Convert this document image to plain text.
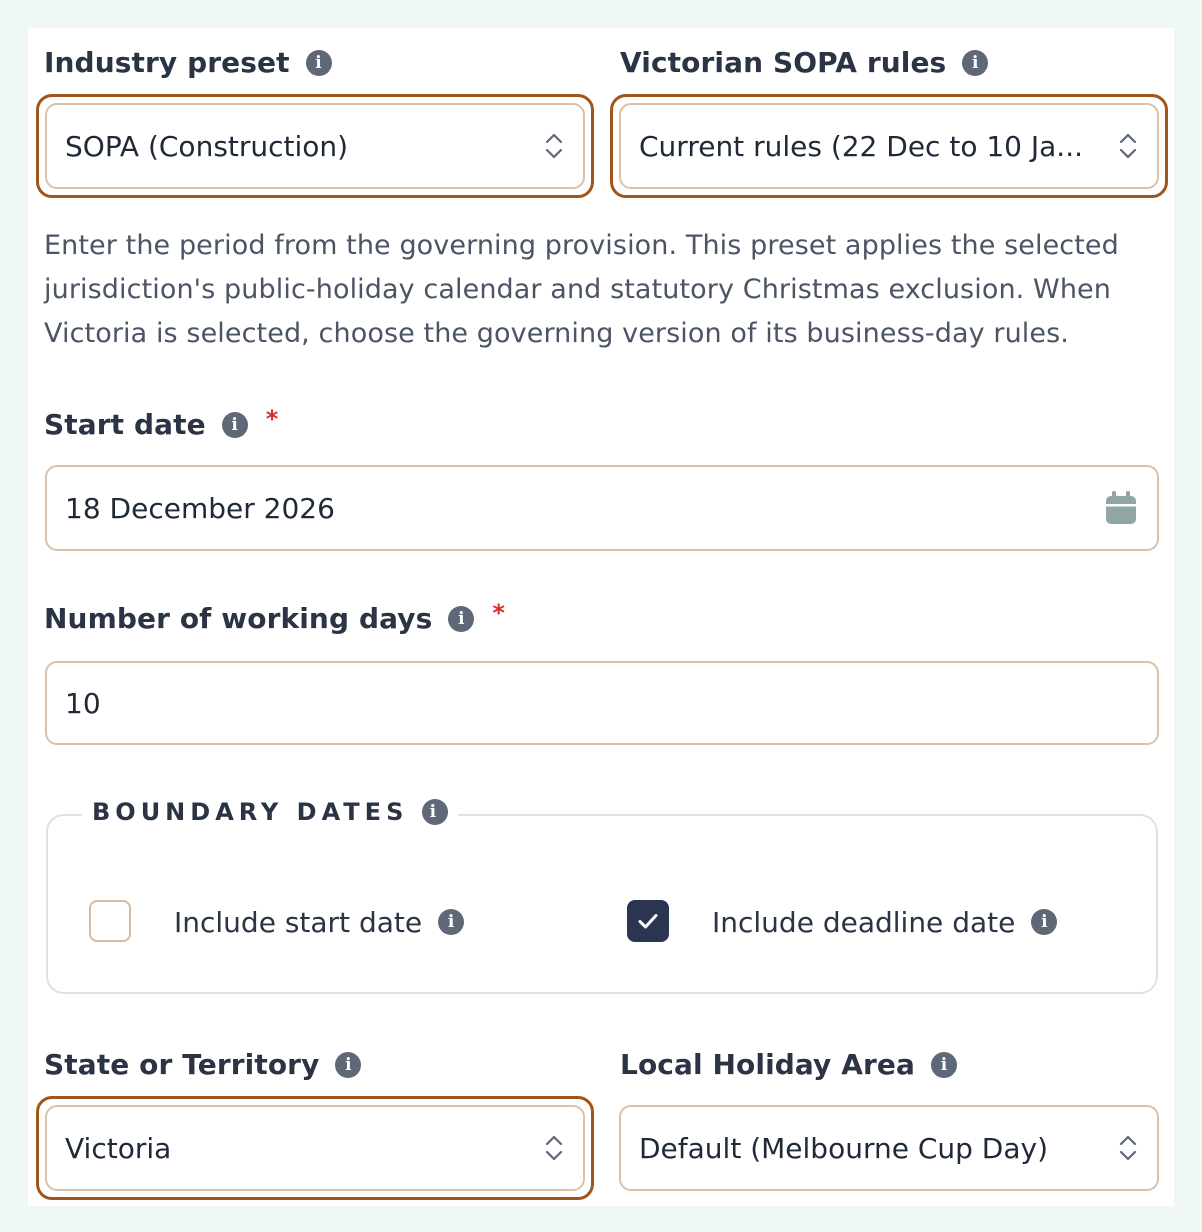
Industry preset	i
SOPA (Construction)
Victorian SOPA rules	i
Current rules (22 Dec to 10 Ja...
Enter the period from the governing provision. This preset applies the selected jurisdiction's public-holiday calendar and statutory Christmas exclusion. When Victoria is selected, choose the governing version of its business-day rules.
Start date	i	*
18 December 2026
Number of working days	i	*
10
BOUNDARY DATES	i
Include start date	i	Include deadline date	i
State or Territory	i
Victoria
Local Holiday Area	i
Default (Melbourne Cup Day)
